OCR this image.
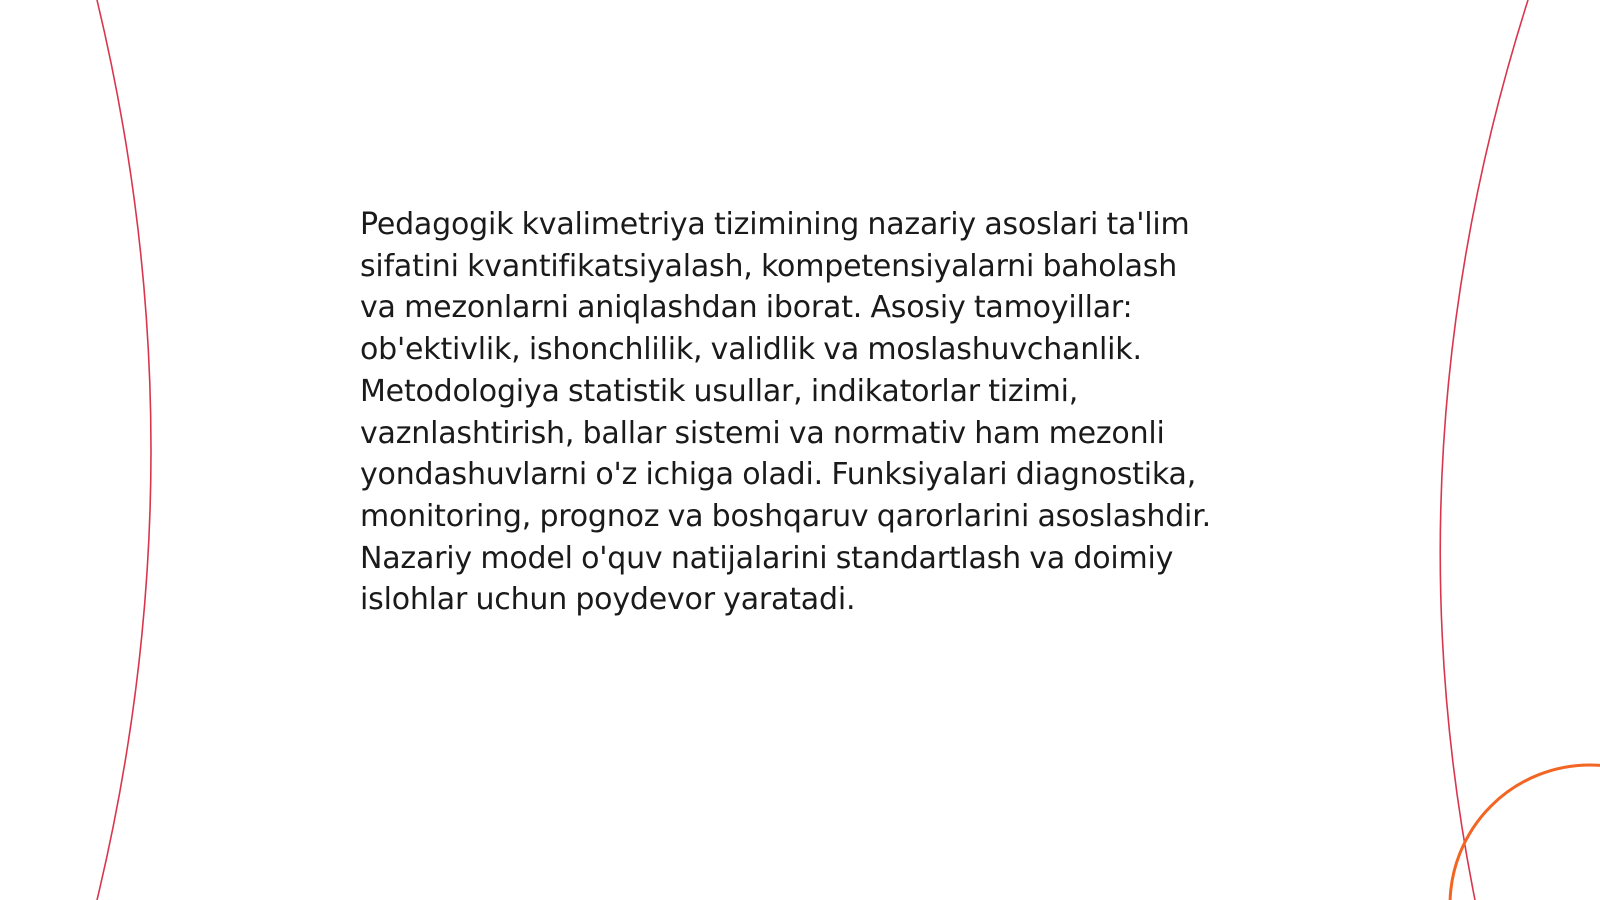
Pedagogik kvalimetriya tizimining nazariy asoslari ta'lim sifatini kvantifikatsiyalash, kompetensiyalarni baholash va mezonlarni aniqlashdan iborat. Asosiy tamoyillar: ob'ektivlik, ishonchlilik, validlik va moslashuvchanlik. Metodologiya statistik usullar, indikatorlar tizimi, vaznlashtirish, ballar sistemi va normativ ham mezonli yondashuvlarni o'z ichiga oladi. Funksiyalari diagnostika, monitoring, prognoz va boshqaruv qarorlarini asoslashdir. Nazariy model o'quv natijalarini standartlash va doimiy islohlar uchun poydevor yaratadi.
